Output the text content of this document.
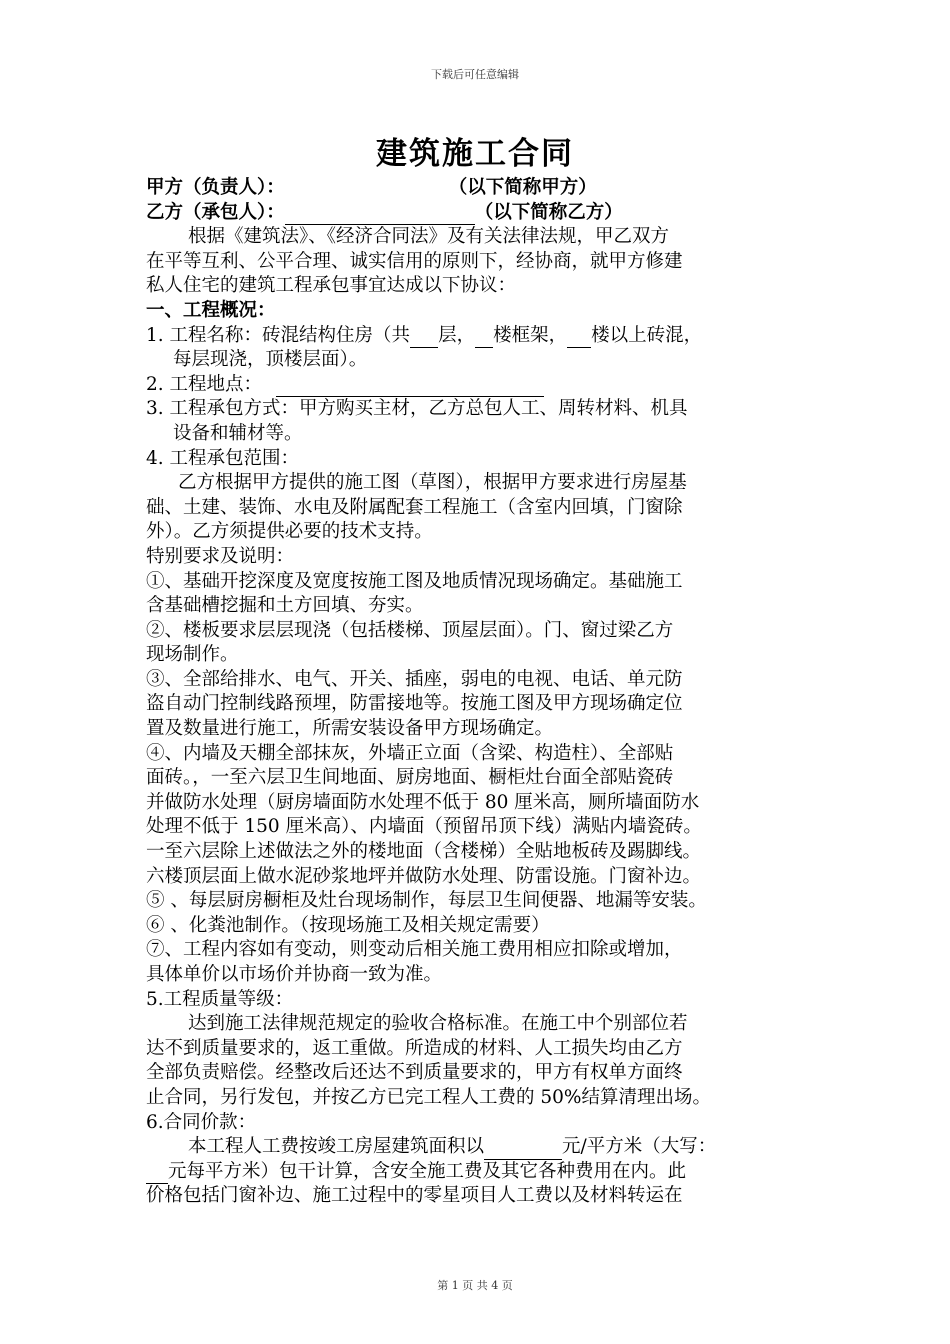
下载后可任意编辑
建筑施工合同
甲方（负责人）：	（以下简称甲方）
乙方（承包人）：	（以下简称乙方）
根据《建筑法》、《经济合同法》及有关法律法规，甲乙双方
在平等互利、公平合理、诚实信用的原则下，经协商，就甲方修建
私人住宅的建筑工程承包事宜达成以下协议：
一、工程概况：
1. 工程名称：砖混结构住房（共 层， 楼框架， 楼以上砖混，
每层现浇，顶楼层面）。
2. 工程地点：
3. 工程承包方式：甲方购买主材，乙方总包人工、周转材料、机具
设备和辅材等。
4. 工程承包范围：
乙方根据甲方提供的施工图（草图），根据甲方要求进行房屋基
础、土建、装饰、水电及附属配套工程施工（含室内回填，门窗除
外）。乙方须提供必要的技术支持。
特别要求及说明：
①、基础开挖深度及宽度按施工图及地质情况现场确定。基础施工
含基础槽挖掘和土方回填、夯实。
②、楼板要求层层现浇（包括楼梯、顶屋层面）。门、窗过梁乙方
现场制作。
③、全部给排水、电气、开关、插座，弱电的电视、电话、单元防
盗自动门控制线路预埋，防雷接地等。按施工图及甲方现场确定位
置及数量进行施工，所需安装设备甲方现场确定。
④、内墙及天棚全部抹灰，外墙正立面（含梁、构造柱）、全部贴
面砖。，一至六层卫生间地面、厨房地面、橱柜灶台面全部贴瓷砖
并做防水处理（厨房墙面防水处理不低于 80 厘米高，厕所墙面防水
处理不低于 150 厘米高）、内墙面（预留吊顶下线）满贴内墙瓷砖。
一至六层除上述做法之外的楼地面（含楼梯）全贴地板砖及踢脚线。
六楼顶层面上做水泥砂浆地坪并做防水处理、防雷设施。门窗补边。
⑤ 、每层厨房橱柜及灶台现场制作，每层卫生间便器、地漏等安装。
⑥ 、化粪池制作。（按现场施工及相关规定需要）
⑦、工程内容如有变动，则变动后相关施工费用相应扣除或增加，
具体单价以市场价并协商一致为准。
5.工程质量等级：
达到施工法律规范规定的验收合格标准。在施工中个别部位若
达不到质量要求的，返工重做。所造成的材料、人工损失均由乙方
全部负责赔偿。经整改后还达不到质量要求的，甲方有权单方面终
止合同，另行发包，并按乙方已完工程人工费的 50%结算清理出场。
6.合同价款：
本工程人工费按竣工房屋建筑面积以	元/平方米（大写：
元每平方米）包干计算，含安全施工费及其它各种费用在内。此
价格包括门窗补边、施工过程中的零星项目人工费以及材料转运在
第 1 页 共 4 页
